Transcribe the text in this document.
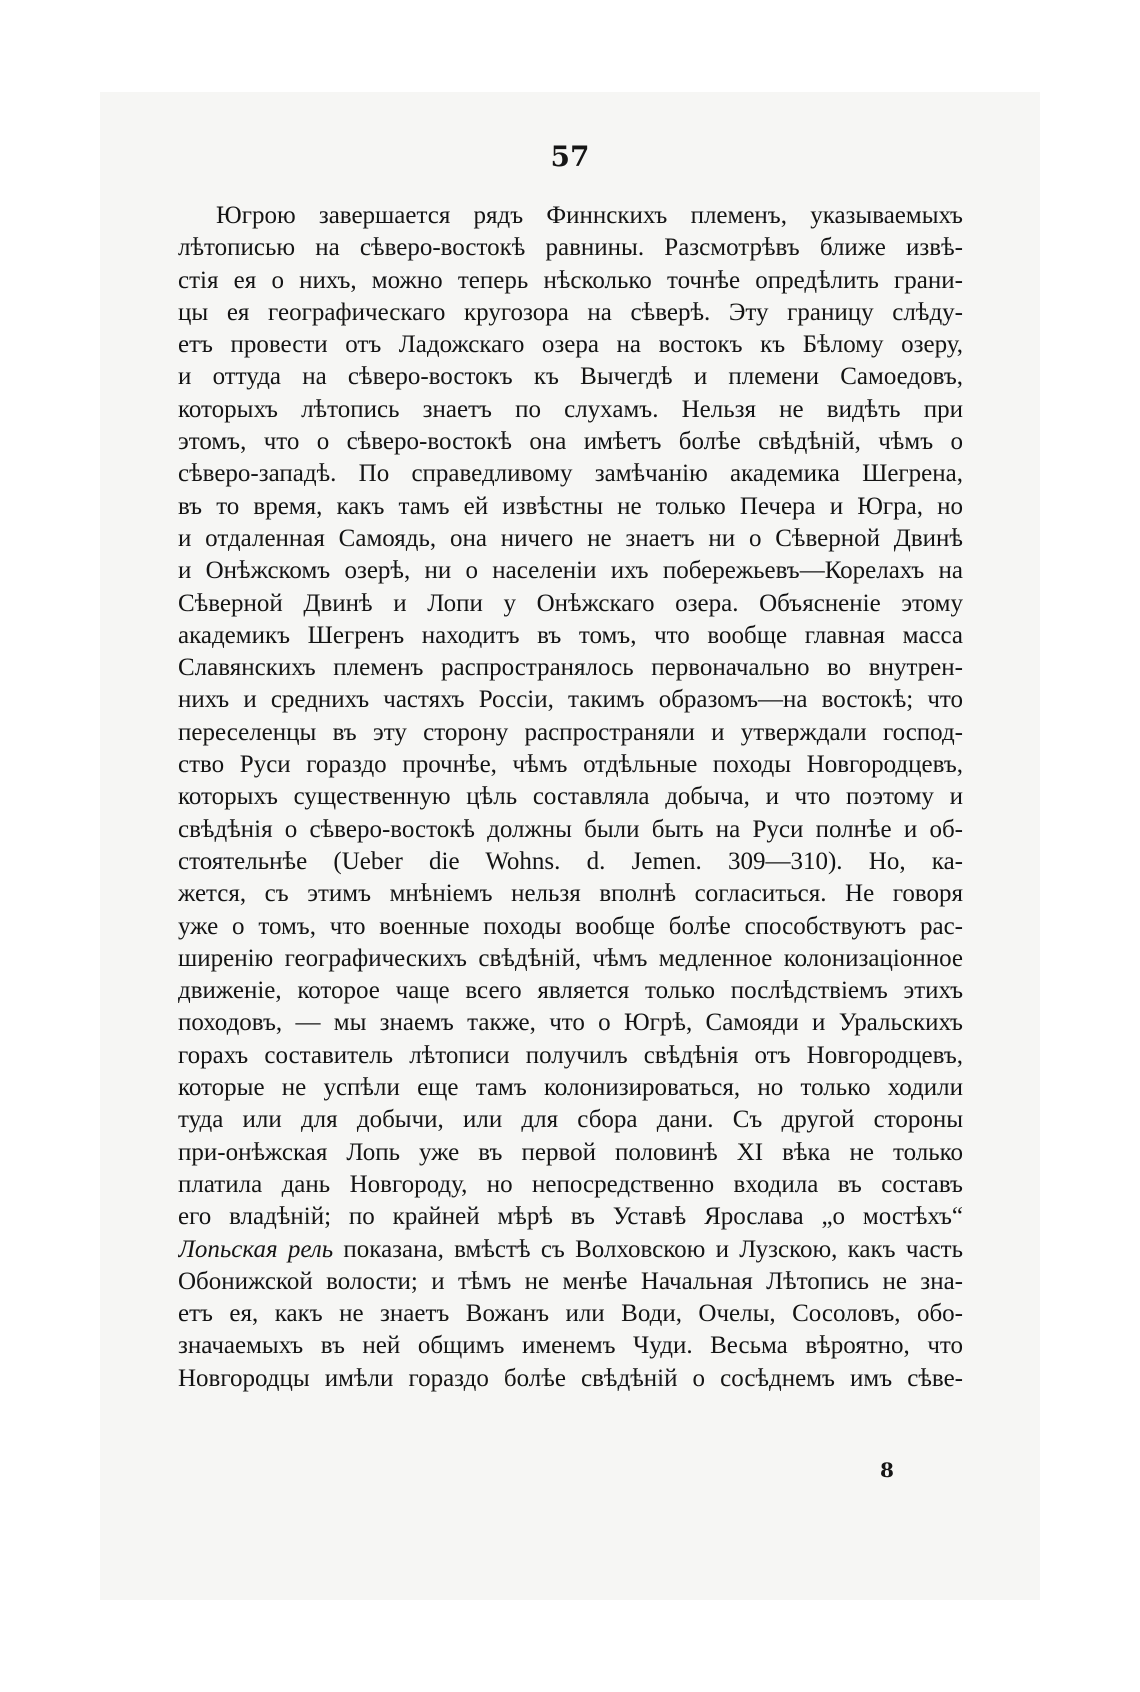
57

Югрою завершается рядъ Финнскихъ племенъ, указываемыхъ
лѣтописью на сѣверо-востокѣ равнины. Разсмотрѣвъ ближе извѣ-
стія ея о нихъ, можно теперь нѣсколько точнѣе опредѣлить грани-
цы ея географическаго кругозора на сѣверѣ. Эту границу слѣду-
етъ провести отъ Ладожскаго озера на востокъ къ Бѣлому озеру,
и оттуда на сѣверо-востокъ къ Вычегдѣ и племени Самоедовъ,
которыхъ лѣтопись знаетъ по слухамъ. Нельзя не видѣть при
этомъ, что о сѣверо-востокѣ она имѣетъ болѣе свѣдѣній, чѣмъ о
сѣверо-западѣ. По справедливому замѣчанію академика Шегрена,
въ то время, какъ тамъ ей извѣстны не только Печера и Югра, но
и отдаленная Самоядь, она ничего не знаетъ ни о Сѣверной Двинѣ
и Онѣжскомъ озерѣ, ни о населеніи ихъ побережьевъ—Корелахъ на
Сѣверной Двинѣ и Лопи у Онѣжскаго озера. Объясненіе этому
академикъ Шегренъ находитъ въ томъ, что вообще главная масса
Славянскихъ племенъ распространялось первоначально во внутрен-
нихъ и среднихъ частяхъ Россіи, такимъ образомъ—на востокѣ; что
переселенцы въ эту сторону распространяли и утверждали господ-
ство Руси гораздо прочнѣе, чѣмъ отдѣльные походы Новгородцевъ,
которыхъ существенную цѣль составляла добыча, и что поэтому и
свѣдѣнія о сѣверо-востокѣ должны были быть на Руси полнѣе и об-
стоятельнѣе (Ueber die Wohns. d. Jemen. 309—310). Но, ка-
жется, съ этимъ мнѣніемъ нельзя вполнѣ согласиться. Не говоря
уже о томъ, что военные походы вообще болѣе способствуютъ рас-
ширенію географическихъ свѣдѣній, чѣмъ медленное колонизаціонное
движеніе, которое чаще всего является только послѣдствіемъ этихъ
походовъ, — мы знаемъ также, что о Югрѣ, Самояди и Уральскихъ
горахъ составитель лѣтописи получилъ свѣдѣнія отъ Новгородцевъ,
которые не успѣли еще тамъ колонизироваться, но только ходили
туда или для добычи, или для сбора дани. Съ другой стороны
при-онѣжская Лопь уже въ первой половинѣ XI вѣка не только
платила дань Новгороду, но непосредственно входила въ составъ
его владѣній; по крайней мѣрѣ въ Уставѣ Ярослава „о мостѣхъ“
Лопьская рель показана, вмѣстѣ съ Волховскою и Лузскою, какъ часть
Обонижской волости; и тѣмъ не менѣе Начальная Лѣтопись не зна-
етъ ея, какъ не знаетъ Вожанъ или Води, Очелы, Сосоловъ, обо-
значаемыхъ въ ней общимъ именемъ Чуди. Весьма вѣроятно, что
Новгородцы имѣли гораздо болѣе свѣдѣній о сосѣднемъ имъ сѣве-

8
